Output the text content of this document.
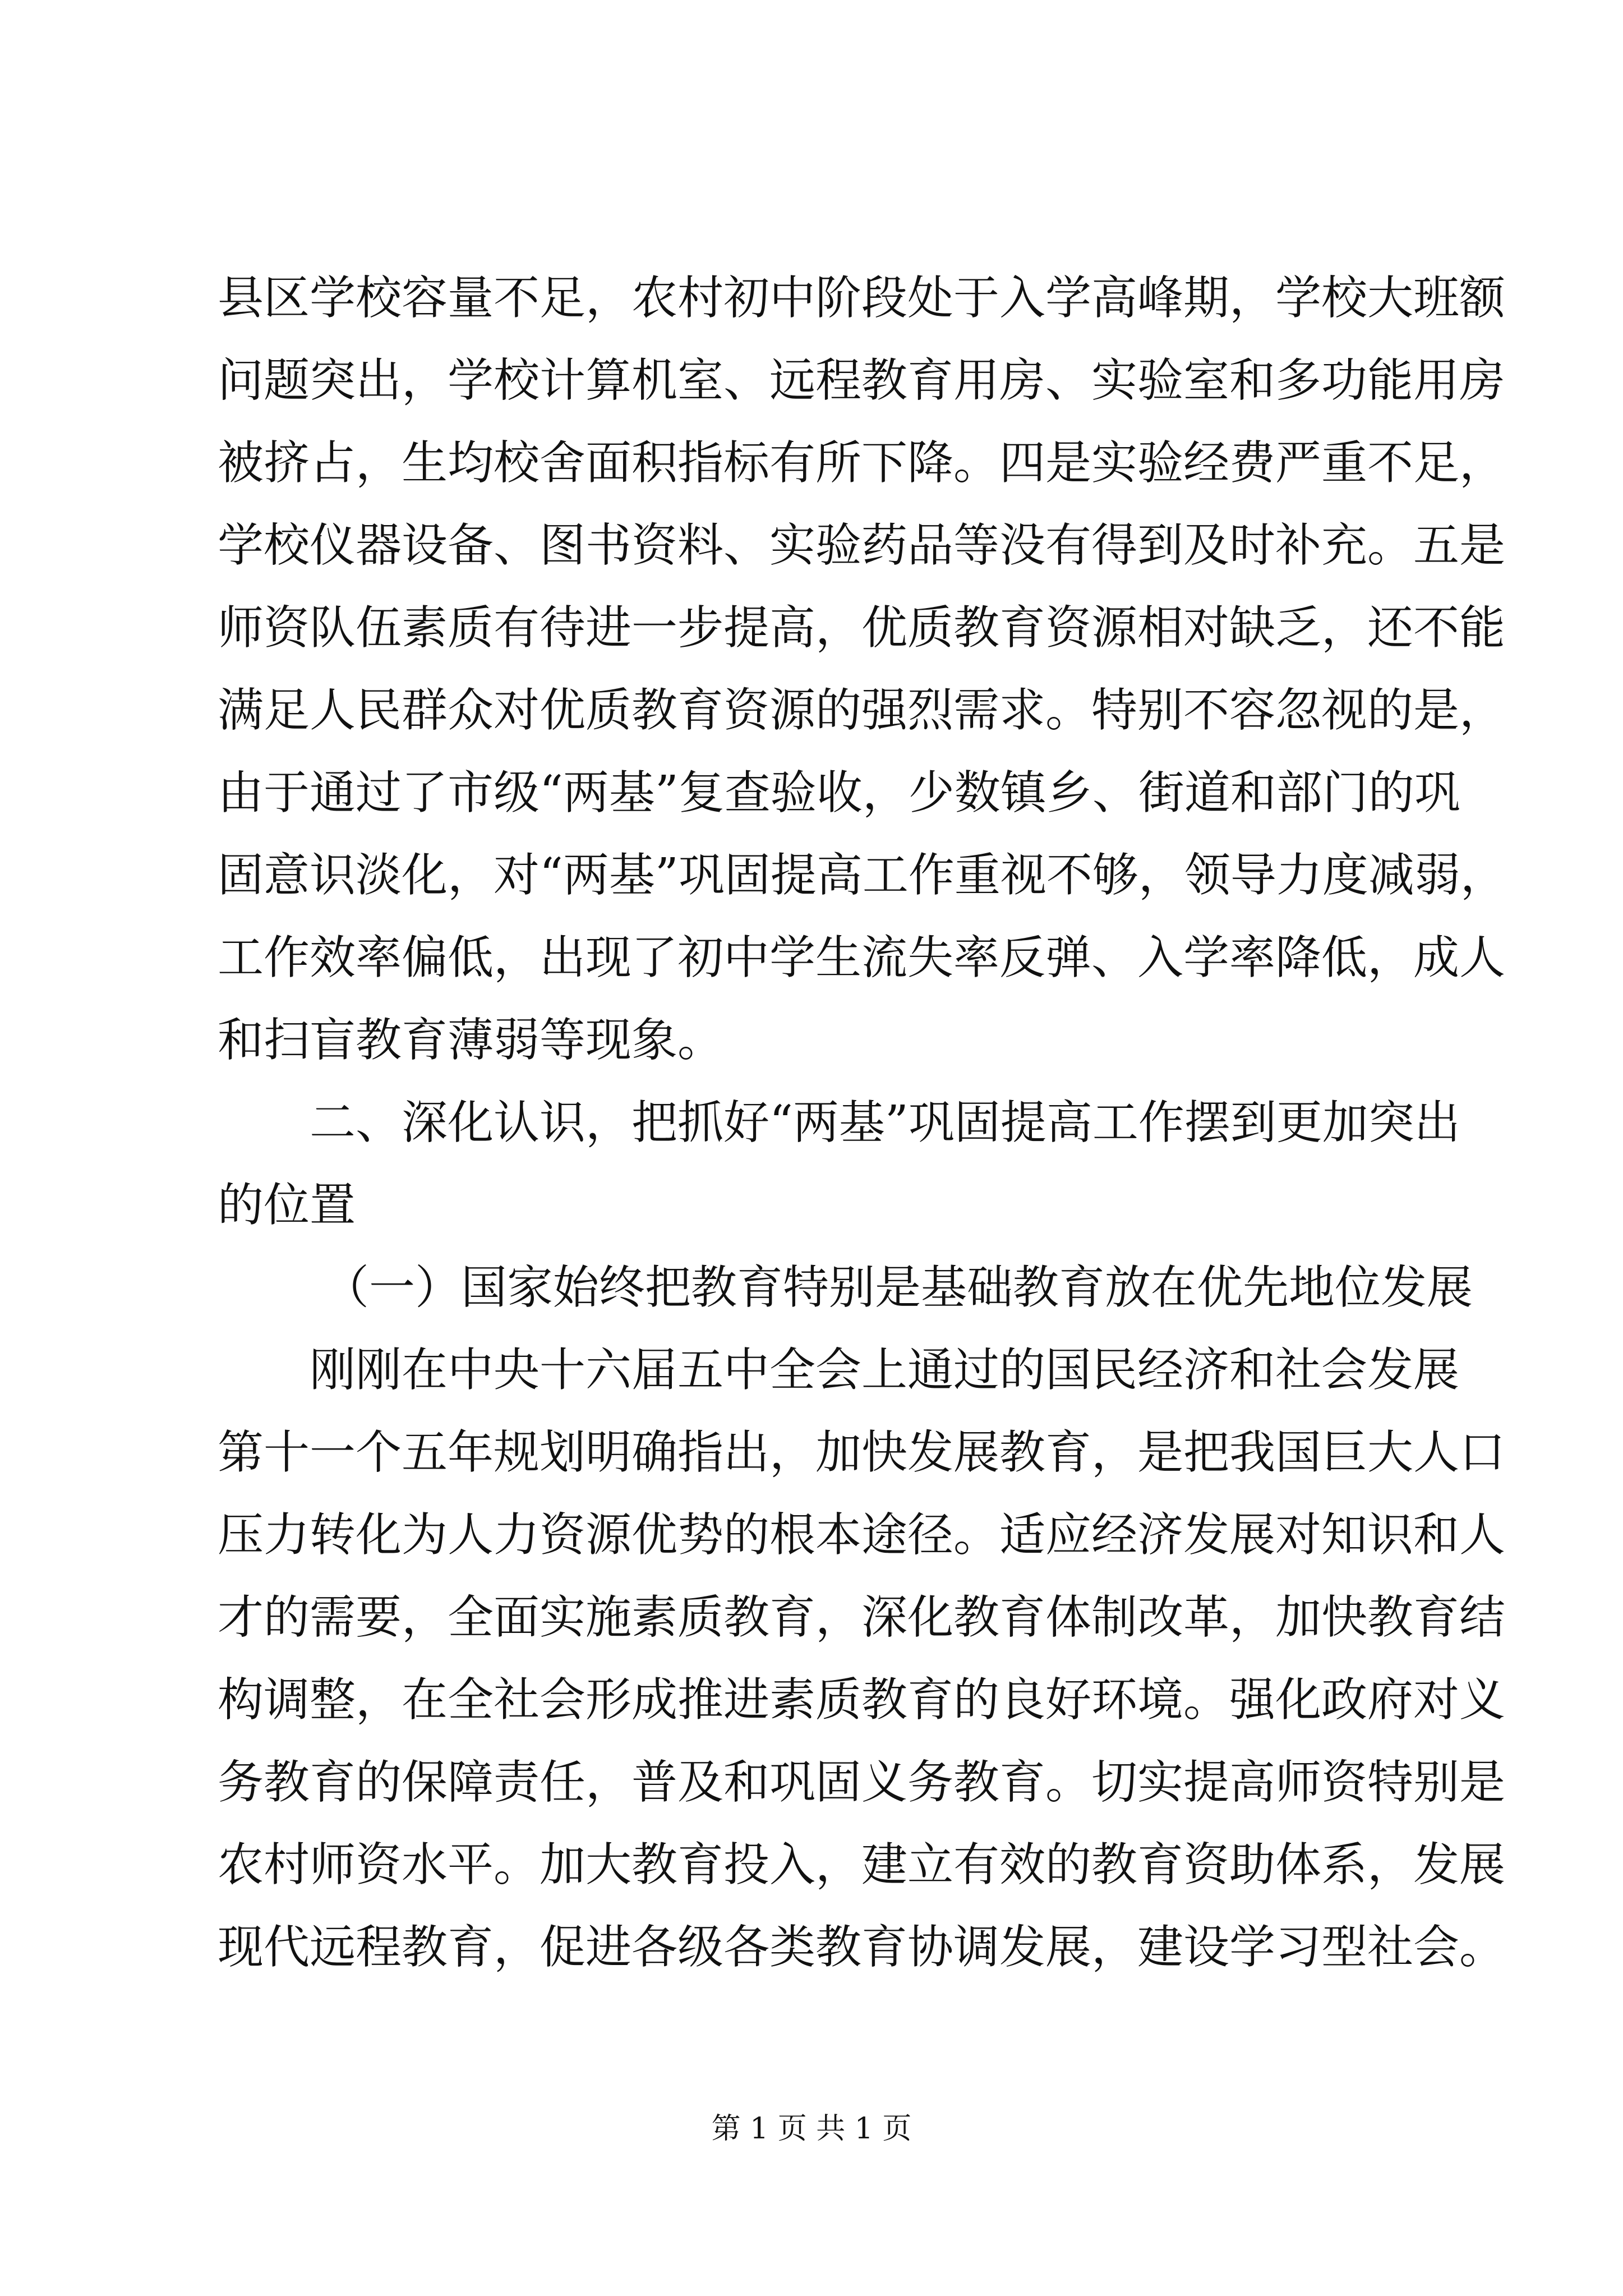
县区学校容量不足，农村初中阶段处于入学高峰期，学校大班额
问题突出，学校计算机室、远程教育用房、实验室和多功能用房
被挤占，生均校舍面积指标有所下降。四是实验经费严重不足，
学校仪器设备、图书资料、实验药品等没有得到及时补充。五是
师资队伍素质有待进一步提高，优质教育资源相对缺乏，还不能
满足人民群众对优质教育资源的强烈需求。特别不容忽视的是，
由于通过了市级“两基”复查验收，少数镇乡、街道和部门的巩
固意识淡化，对“两基”巩固提高工作重视不够，领导力度减弱，
工作效率偏低，出现了初中学生流失率反弹、入学率降低，成人
和扫盲教育薄弱等现象。
二、深化认识，把抓好“两基”巩固提高工作摆到更加突出
的位置
（一）国家始终把教育特别是基础教育放在优先地位发展
刚刚在中央十六届五中全会上通过的国民经济和社会发展
第十一个五年规划明确指出，加快发展教育，是把我国巨大人口
压力转化为人力资源优势的根本途径。适应经济发展对知识和人
才的需要，全面实施素质教育，深化教育体制改革，加快教育结
构调整，在全社会形成推进素质教育的良好环境。强化政府对义
务教育的保障责任，普及和巩固义务教育。切实提高师资特别是
农村师资水平。加大教育投入，建立有效的教育资助体系，发展
现代远程教育，促进各级各类教育协调发展，建设学习型社会。
第 1 页 共 1 页
